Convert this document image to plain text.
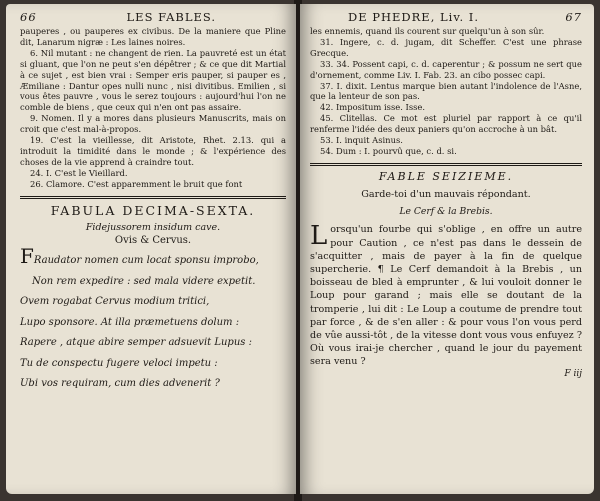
66	LES FABLES.

pauperes , ou pauperes ex civibus. De la maniere que Pline dit, Lanarum nigræ : Les laines noires.

6. Nil mutant : ne changent de rien. La pauvreté est un état si gluant, que l'on ne peut s'en dépêtrer ; & ce que dit Martial à ce sujet , est bien vrai : Semper eris pauper, si pauper es , Æmiliane : Dantur opes nulli nunc , nisi divitibus. Emilien , si vous êtes pauvre , vous le serez toujours : aujourd'hui l'on ne comble de biens , que ceux qui n'en ont pas assaire.

9. Nomen. Il y a mores dans plusieurs Manuscrits, mais on croit que c'est mal-à-propos.

19. C'est la vieillesse, dit Aristote, Rhet. 2.13. qui a introduit la timidité dans le monde ; & l'expérience des choses de la vie apprend à craindre tout.

24. I. C'est le Vieillard.

26. Clamore. C'est apparemment le bruit que font

FABULA DECIMA-SEXTA.
Fidejussorem insidum cave.
Ovis & Cervus.
FRaudator nomen cum locat sponsu improbo,
Non rem expedire : sed mala videre expetit.
Ovem rogabat Cervus modium tritici,
Lupo sponsore. At illa præmetuens dolum :
Rapere , atque abire semper adsuevit Lupus :
Tu de conspectu fugere veloci impetu :
Ubi vos requiram, cum dies advenerit ?
DE PHEDRE, Liv. I.	67

les ennemis, quand ils courent sur quelqu'un à son sûr.

31. Ingere, c. d. jugam, dit Scheffer. C'est une phrase Grecque.

33. 34. Possent capi, c. d. caperentur ; & possum ne sert que d'ornement, comme Liv. I. Fab. 23. an cibo possec capi.

37. I. dixit. Lentus marque bien autant l'indolence de l'Asne, que la lenteur de son pas.

42. Impositum isse. Isse.

45. Clitellas. Ce mot est pluriel par rapport à ce qu'il renferme l'idée des deux paniers qu'on accroche à un bât.

53. I. inquit Asinus.

54. Dum : I. pourvû que, c. d. si.

FABLE SEIZIEME.
Garde-toi d'un mauvais répondant.
Le Cerf & la Brebis.
Lorsqu'un fourbe qui s'oblige , en offre un autre pour Caution , ce n'est pas dans le dessein de s'acquitter , mais de payer à la fin de quelque supercherie. ¶ Le Cerf demandoit à la Brebis , un boisseau de bled à emprunter , & lui vouloit donner le Loup pour garand ; mais elle se doutant de la tromperie , lui dit : Le Loup a coutume de prendre tout par force , & de s'en aller : & pour vous l'on vous perd de vûe aussi-tôt , de la vitesse dont vous vous enfuyez ? Où vous irai-je chercher , quand le jour du payement sera venu ?
F iij
